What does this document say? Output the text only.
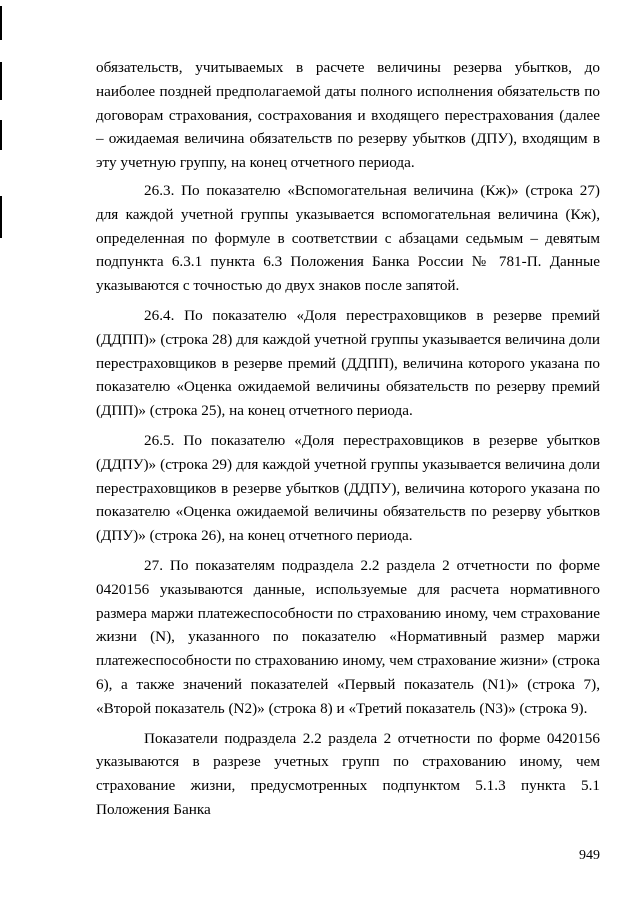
обязательств, учитываемых в расчете величины резерва убытков, до наиболее поздней предполагаемой даты полного исполнения обязательств по договорам страхования, сострахования и входящего перестрахования (далее – ожидаемая величина обязательств по резерву убытков (ДПУ), входящим в эту учетную группу, на конец отчетного периода.

26.3. По показателю «Вспомогательная величина (Кж)» (строка 27) для каждой учетной группы указывается вспомогательная величина (Кж), определенная по формуле в соответствии с абзацами седьмым – девятым подпункта 6.3.1 пункта 6.3 Положения Банка России № 781-П. Данные указываются с точностью до двух знаков после запятой.

26.4. По показателю «Доля перестраховщиков в резерве премий (ДДПП)» (строка 28) для каждой учетной группы указывается величина доли перестраховщиков в резерве премий (ДДПП), величина которого указана по показателю «Оценка ожидаемой величины обязательств по резерву премий (ДПП)» (строка 25), на конец отчетного периода.

26.5. По показателю «Доля перестраховщиков в резерве убытков (ДДПУ)» (строка 29) для каждой учетной группы указывается величина доли перестраховщиков в резерве убытков (ДДПУ), величина которого указана по показателю «Оценка ожидаемой величины обязательств по резерву убытков (ДПУ)» (строка 26), на конец отчетного периода.

27. По показателям подраздела 2.2 раздела 2 отчетности по форме 0420156 указываются данные, используемые для расчета нормативного размера маржи платежеспособности по страхованию иному, чем страхование жизни (N), указанного по показателю «Нормативный размер маржи платежеспособности по страхованию иному, чем страхование жизни» (строка 6), а также значений показателей «Первый показатель (N1)» (строка 7), «Второй показатель (N2)» (строка 8) и «Третий показатель (N3)» (строка 9).

Показатели подраздела 2.2 раздела 2 отчетности по форме 0420156 указываются в разрезе учетных групп по страхованию иному, чем страхование жизни, предусмотренных подпунктом 5.1.3 пункта 5.1 Положения Банка

949
